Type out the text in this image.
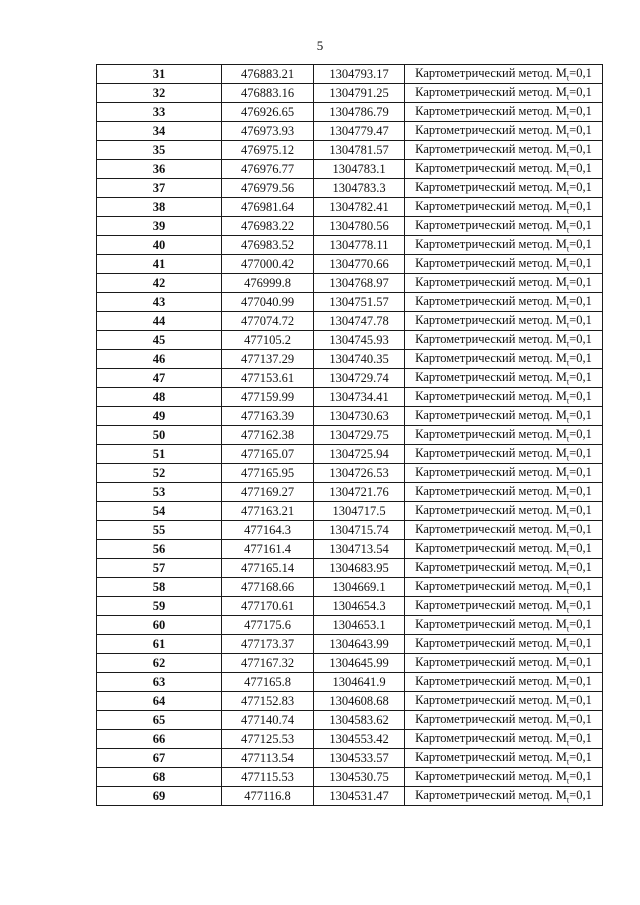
5
31	476883.21	1304793.17	Картометрический метод. $M_t=0,1$
32	476883.16	1304791.25	Картометрический метод. $M_t=0,1$
33	476926.65	1304786.79	Картометрический метод. $M_t=0,1$
34	476973.93	1304779.47	Картометрический метод. $M_t=0,1$
35	476975.12	1304781.57	Картометрический метод. $M_t=0,1$
36	476976.77	1304783.1	Картометрический метод. $M_t=0,1$
37	476979.56	1304783.3	Картометрический метод. $M_t=0,1$
38	476981.64	1304782.41	Картометрический метод. $M_t=0,1$
39	476983.22	1304780.56	Картометрический метод. $M_t=0,1$
40	476983.52	1304778.11	Картометрический метод. $M_t=0,1$
41	477000.42	1304770.66	Картометрический метод. $M_t=0,1$
42	476999.8	1304768.97	Картометрический метод. $M_t=0,1$
43	477040.99	1304751.57	Картометрический метод. $M_t=0,1$
44	477074.72	1304747.78	Картометрический метод. $M_t=0,1$
45	477105.2	1304745.93	Картометрический метод. $M_t=0,1$
46	477137.29	1304740.35	Картометрический метод. $M_t=0,1$
47	477153.61	1304729.74	Картометрический метод. $M_t=0,1$
48	477159.99	1304734.41	Картометрический метод. $M_t=0,1$
49	477163.39	1304730.63	Картометрический метод. $M_t=0,1$
50	477162.38	1304729.75	Картометрический метод. $M_t=0,1$
51	477165.07	1304725.94	Картометрический метод. $M_t=0,1$
52	477165.95	1304726.53	Картометрический метод. $M_t=0,1$
53	477169.27	1304721.76	Картометрический метод. $M_t=0,1$
54	477163.21	1304717.5	Картометрический метод. $M_t=0,1$
55	477164.3	1304715.74	Картометрический метод. $M_t=0,1$
56	477161.4	1304713.54	Картометрический метод. $M_t=0,1$
57	477165.14	1304683.95	Картометрический метод. $M_t=0,1$
58	477168.66	1304669.1	Картометрический метод. $M_t=0,1$
59	477170.61	1304654.3	Картометрический метод. $M_t=0,1$
60	477175.6	1304653.1	Картометрический метод. $M_t=0,1$
61	477173.37	1304643.99	Картометрический метод. $M_t=0,1$
62	477167.32	1304645.99	Картометрический метод. $M_t=0,1$
63	477165.8	1304641.9	Картометрический метод. $M_t=0,1$
64	477152.83	1304608.68	Картометрический метод. $M_t=0,1$
65	477140.74	1304583.62	Картометрический метод. $M_t=0,1$
66	477125.53	1304553.42	Картометрический метод. $M_t=0,1$
67	477113.54	1304533.57	Картометрический метод. $M_t=0,1$
68	477115.53	1304530.75	Картометрический метод. $M_t=0,1$
69	477116.8	1304531.47	Картометрический метод. $M_t=0,1$
